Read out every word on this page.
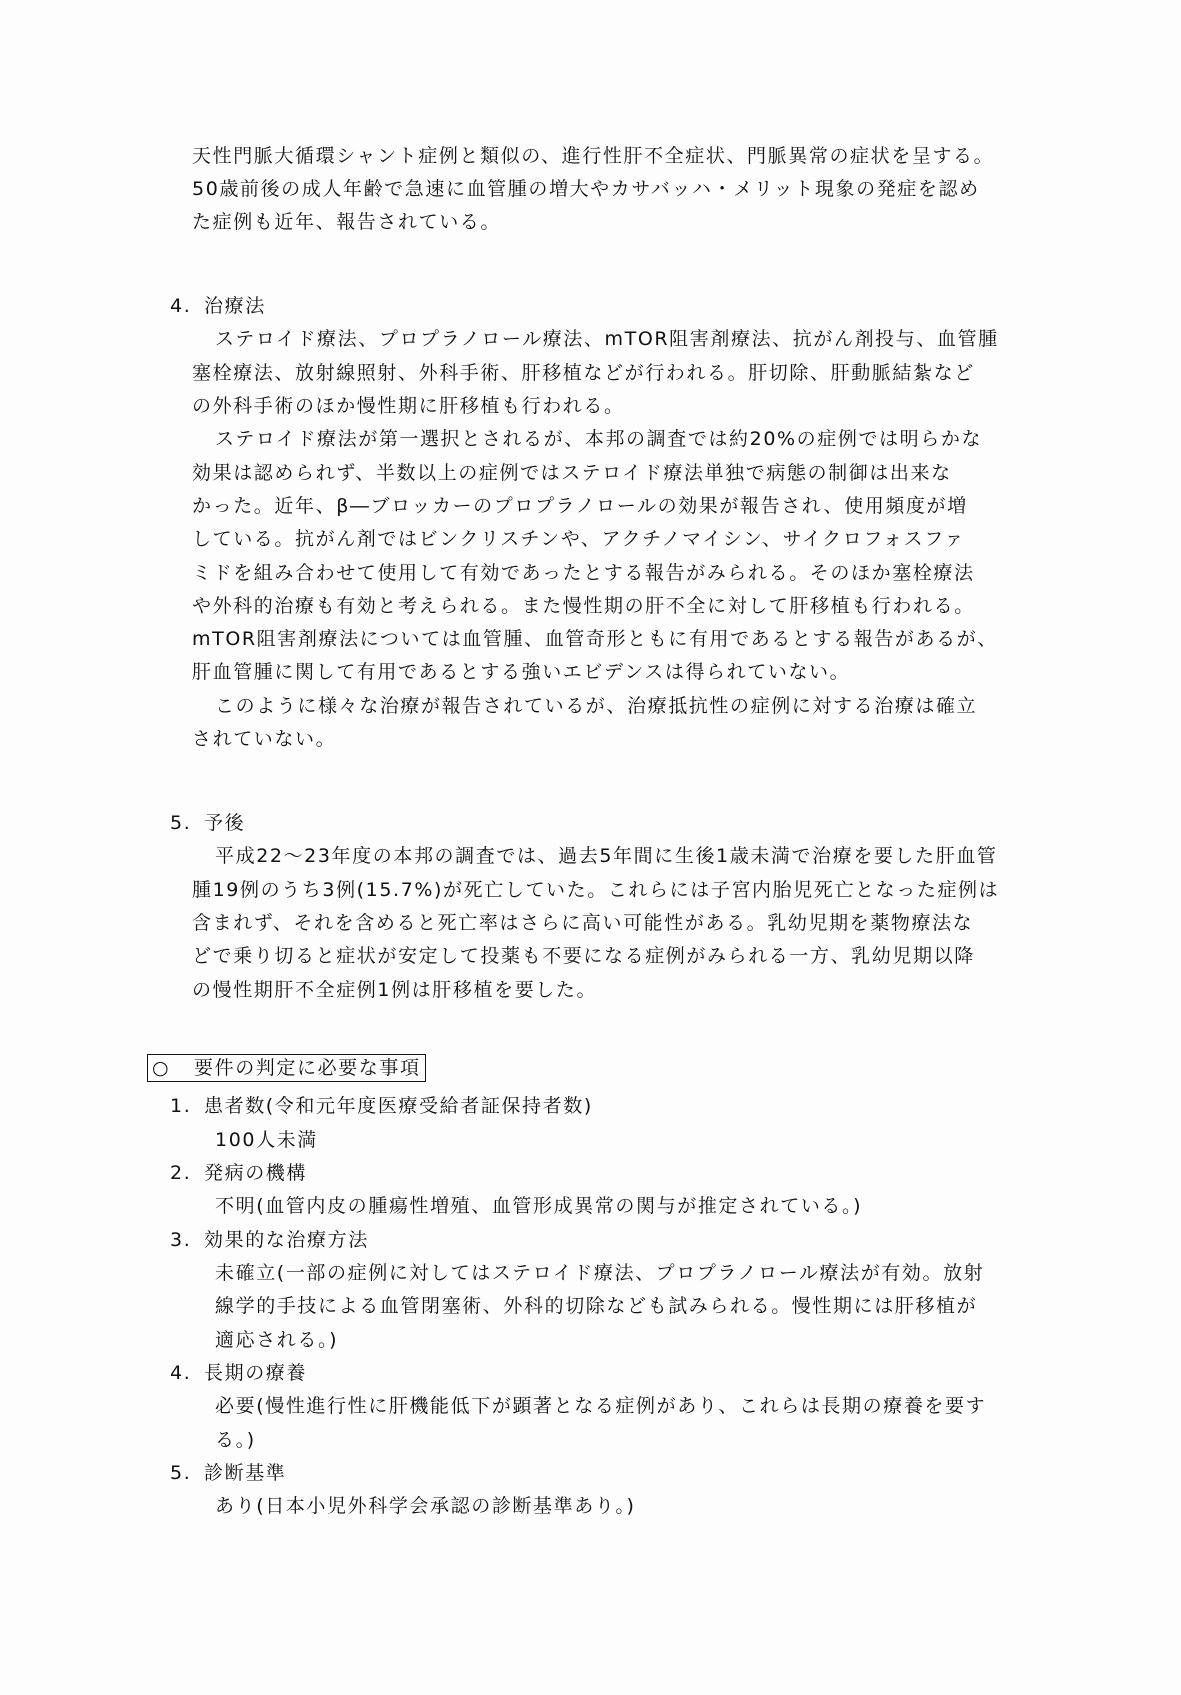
天性門脈大循環シャント症例と類似の、進行性肝不全症状、門脈異常の症状を呈する。
50歳前後の成人年齢で急速に血管腫の増大やカサバッハ・メリット現象の発症を認め
た症例も近年、報告されている。
4. 治療法
ステロイド療法、プロプラノロール療法、mTOR阻害剤療法、抗がん剤投与、血管腫
塞栓療法、放射線照射、外科手術、肝移植などが行われる。肝切除、肝動脈結紮など
の外科手術のほか慢性期に肝移植も行われる。
ステロイド療法が第一選択とされるが、本邦の調査では約20%の症例では明らかな
効果は認められず、半数以上の症例ではステロイド療法単独で病態の制御は出来な
かった。近年、β―ブロッカーのプロプラノロールの効果が報告され、使用頻度が増
している。抗がん剤ではビンクリスチンや、アクチノマイシン、サイクロフォスファ
ミドを組み合わせて使用して有効であったとする報告がみられる。そのほか塞栓療法
や外科的治療も有効と考えられる。また慢性期の肝不全に対して肝移植も行われる。
mTOR阻害剤療法については血管腫、血管奇形ともに有用であるとする報告があるが、
肝血管腫に関して有用であるとする強いエビデンスは得られていない。
このように様々な治療が報告されているが、治療抵抗性の症例に対する治療は確立
されていない。
5. 予後
平成22～23年度の本邦の調査では、過去5年間に生後1歳未満で治療を要した肝血管
腫19例のうち3例(15.7%)が死亡していた。これらには子宮内胎児死亡となった症例は
含まれず、それを含めると死亡率はさらに高い可能性がある。乳幼児期を薬物療法な
どで乗り切ると症状が安定して投薬も不要になる症例がみられる一方、乳幼児期以降
の慢性期肝不全症例1例は肝移植を要した。
○ 要件の判定に必要な事項
1. 患者数(令和元年度医療受給者証保持者数)
100人未満
2. 発病の機構
不明(血管内皮の腫瘍性増殖、血管形成異常の関与が推定されている。)
3. 効果的な治療方法
未確立(一部の症例に対してはステロイド療法、プロプラノロール療法が有効。放射
線学的手技による血管閉塞術、外科的切除なども試みられる。慢性期には肝移植が
適応される。)
4. 長期の療養
必要(慢性進行性に肝機能低下が顕著となる症例があり、これらは長期の療養を要す
る。)
5. 診断基準
あり(日本小児外科学会承認の診断基準あり。)
